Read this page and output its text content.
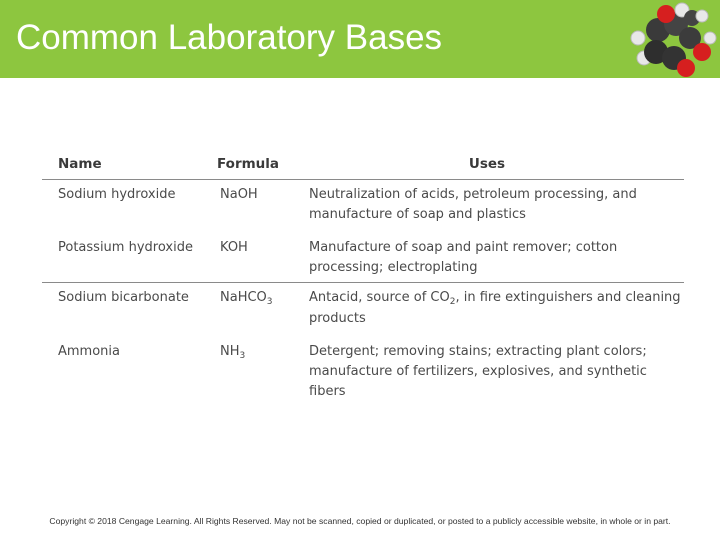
Common Laboratory Bases
Name	Formula	Uses
Sodium hydroxide	NaOH	Neutralization of acids, petroleum processing, and manufacture of soap and plastics
Potassium hydroxide KOH	Manufacture of soap and paint remover; cotton processing; electroplating
Sodium bicarbonate NaHCO$_3$	Antacid, source of $CO_2$, in fire extinguishers and cleaning products
Ammonia	$NH_3$	Detergent; removing stains; extracting plant colors; manufacture of fertilizers, explosives, and synthetic fibers
Copyright © 2018 Cengage Learning. All Rights Reserved. May not be scanned, copied or duplicated, or posted to a publicly accessible website, in whole or in part.
